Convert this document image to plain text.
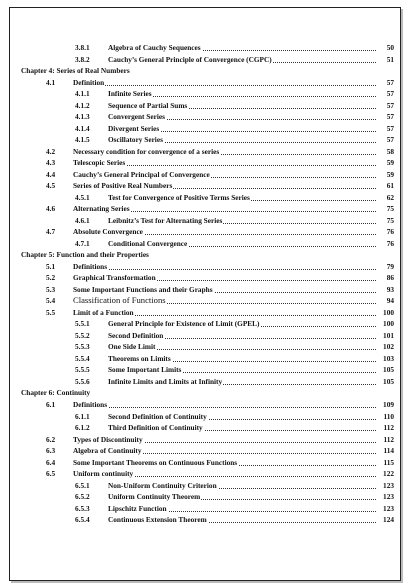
3.8.1	Algebra of Cauchy Sequences	50
3.8.2	Cauchy’s General Principle of Convergence (CGPC)	51
Chapter 4: Series of Real Numbers
4.1 Definition	57
4.1.1	Infinite Series	57
4.1.2	Sequence of Partial Sums	57
4.1.3	Convergent Series	57
4.1.4	Divergent Series	57
4.1.5	Oscillatory Series	57
4.2 Necessary condition for convergence of a series	58
4.3 Telescopic Series	59
4.4 Cauchy’s General Principal of Convergence	59
4.5 Series of Positive Real Numbers	61
4.5.1	Test for Convergence of Positive Terms Series	62
4.6 Alternating Series	75
4.6.1	Leibnitz’s Test for Alternating Series	75
4.7 Absolute Convergence	76
4.7.1	Conditional Convergence	76
Chapter 5: Function and their Properties
5.1 Definitions	79
5.2 Graphical Transformation	86
5.3 Some Important Functions and their Graphs	93
5.4 Classification of Functions	94
5.5 Limit of a Function	100
5.5.1	General Principle for Existence of Limit (GPEL)	100
5.5.2	Second Definition	101
5.5.3	One Side Limit	102
5.5.4	Theorems on Limits	103
5.5.5	Some Important Limits	105
5.5.6	Infinite Limits and Limits at Infinity	105
Chapter 6: Continuity
6.1 Definitions	109
6.1.1	Second Definition of Continuity	110
6.1.2	Third Definition of Continuity	112
6.2 Types of Discontinuity	112
6.3 Algebra of Continuity	114
6.4 Some Important Theorems on Continuous Functions	115
6.5 Uniform continuity	122
6.5.1	Non-Uniform Continuity Criterion	123
6.5.2	Uniform Continuity Theorem	123
6.5.3	Lipschitz Function	123
6.5.4	Continuous Extension Theorem	124
